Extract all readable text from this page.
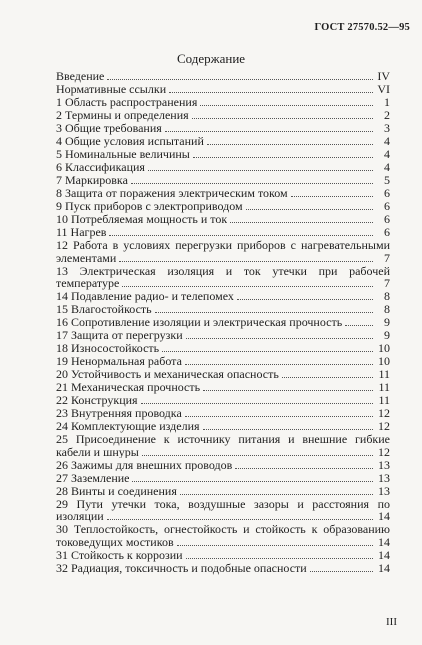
ГОСТ 27570.52—95
Содержание
Введение	IV
Нормативные ссылки	VI
1 Область распространения	1
2 Термины и определения	2
3 Общие требования	3
4 Общие условия испытаний	4
5 Номинальные величины	4
6 Классификация	4
7 Маркировка	5
8 Защита от поражения электрическим током	6
9 Пуск приборов с электроприводом	6
10 Потребляемая мощность и ток	6
11 Нагрев	6
12 Работа в условиях перегрузки приборов с нагревательными
элементами	7
13 Электрическая изоляция и ток утечки при рабочей
температуре	7
14 Подавление радио- и телепомех	8
15 Влагостойкость	8
16 Сопротивление изоляции и электрическая прочность	9
17 Защита от перегрузки	9
18 Износостойкость	10
19 Ненормальная работа	10
20 Устойчивость и механическая опасность	11
21 Механическая прочность	11
22 Конструкция	11
23 Внутренняя проводка	12
24 Комплектующие изделия	12
25 Присоединение к источнику питания и внешние гибкие
кабели и шнуры	12
26 Зажимы для внешних проводов	13
27 Заземление	13
28 Винты и соединения	13
29 Пути утечки тока, воздушные зазоры и расстояния по
изоляции	14
30 Теплостойкость, огнестойкость и стойкость к образованию
токоведущих мостиков	14
31 Стойкость к коррозии	14
32 Радиация, токсичность и подобные опасности	14
III
